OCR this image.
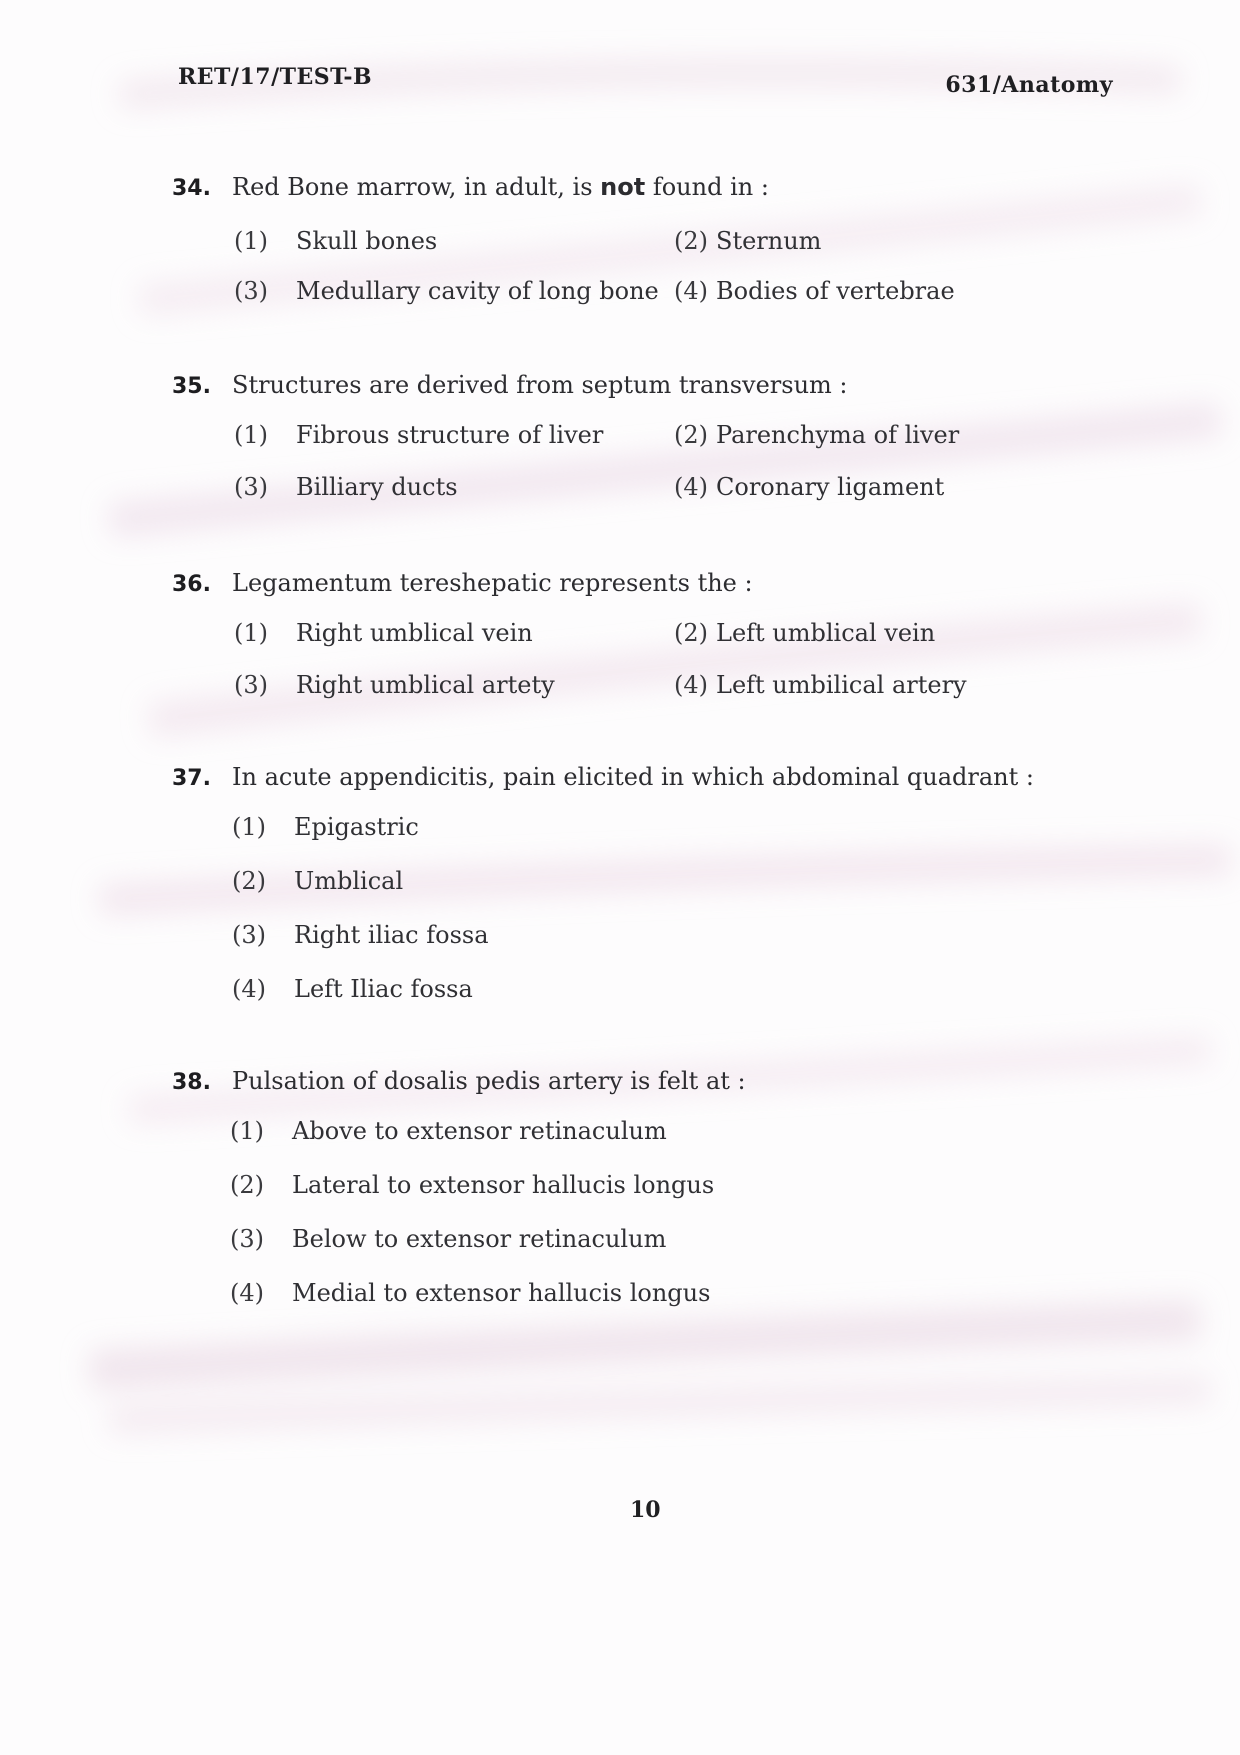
RET/17/TEST-B	631/Anatomy
34. Red Bone marrow, in adult, is not found in :
(1)	Skull bones	(2) Sternum
(3)	Medullary cavity of long bone (4) Bodies of vertebrae
35. Structures are derived from septum transversum :
(1)	Fibrous structure of liver	(2) Parenchyma of liver
(3)	Billiary ducts	(4) Coronary ligament
36. Legamentum tereshepatic represents the :
(1)	Right umblical vein	(2) Left umblical vein
(3)	Right umblical artety	(4) Left umbilical artery
37. In acute appendicitis, pain elicited in which abdominal quadrant :
(1)	Epigastric
(2)	Umblical
(3)	Right iliac fossa
(4)	Left Iliac fossa
38. Pulsation of dosalis pedis artery is felt at :
(1)	Above to extensor retinaculum
(2)	Lateral to extensor hallucis longus
(3)	Below to extensor retinaculum
(4)	Medial to extensor hallucis longus
10
